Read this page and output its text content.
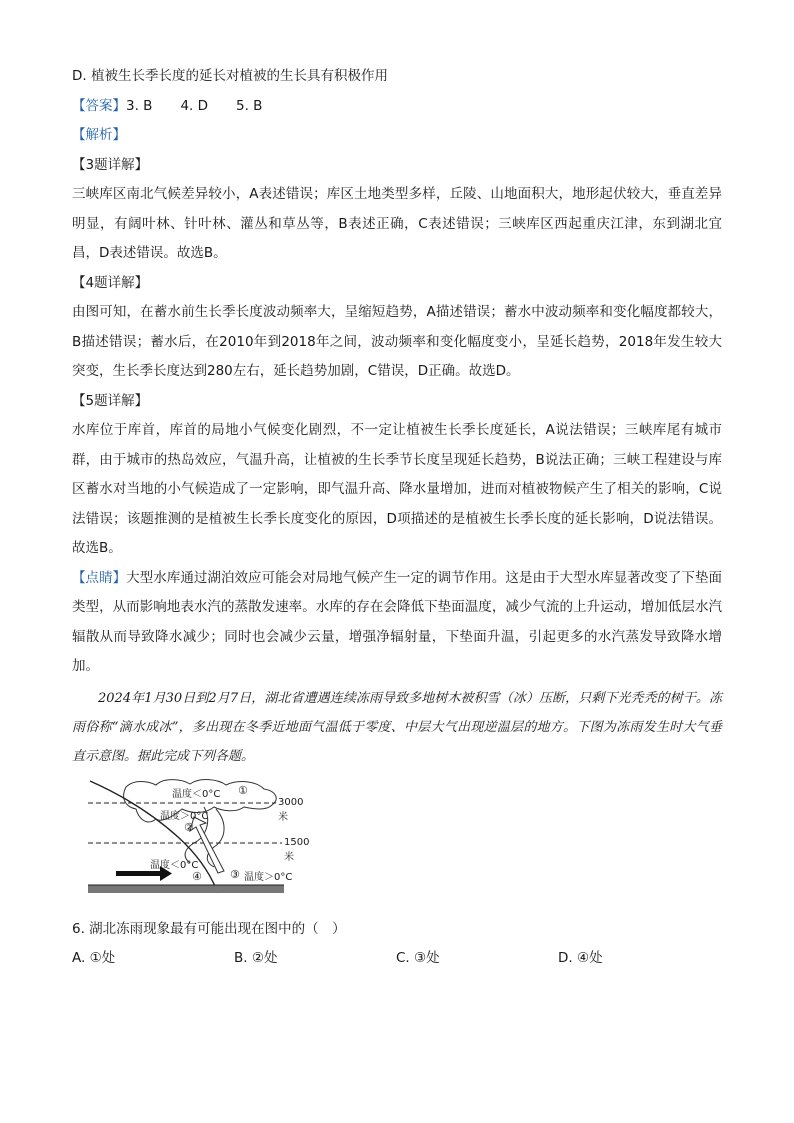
D. 植被生长季长度的延长对植被的生长具有积极作用
【答案】3. B 4. D 5. B
【解析】
【3题详解】
三峡库区南北气候差异较小，A表述错误；库区土地类型多样，丘陵、山地面积大，地形起伏较大，垂直差异明显，有阔叶林、针叶林、灌丛和草丛等，B表述正确，C表述错误；三峡库区西起重庆江津，东到湖北宜昌，D表述错误。故选B。
【4题详解】
由图可知，在蓄水前生长季长度波动频率大，呈缩短趋势，A描述错误；蓄水中波动频率和变化幅度都较大，B描述错误；蓄水后，在2010年到2018年之间，波动频率和变化幅度变小，呈延长趋势，2018年发生较大突变，生长季长度达到280左右，延长趋势加剧，C错误，D正确。故选D。
【5题详解】
水库位于库首，库首的局地小气候变化剧烈，不一定让植被生长季长度延长，A说法错误；三峡库尾有城市群，由于城市的热岛效应，气温升高，让植被的生长季节长度呈现延长趋势，B说法正确；三峡工程建设与库区蓄水对当地的小气候造成了一定影响，即气温升高、降水量增加，进而对植被物候产生了相关的影响，C说法错误；该题推测的是植被生长季长度变化的原因，D项描述的是植被生长季长度的延长影响，D说法错误。故选B。
【点睛】大型水库通过湖泊效应可能会对局地气候产生一定的调节作用。这是由于大型水库显著改变了下垫面类型，从而影响地表水汽的蒸散发速率。水库的存在会降低下垫面温度，减少气流的上升运动，增加低层水汽辐散从而导致降水减少；同时也会减少云量，增强净辐射量，下垫面升温，引起更多的水汽蒸发导致降水增加。
2024年1月30日到2月7日，湖北省遭遇连续冻雨导致多地树木被积雪（冰）压断，只剩下光秃秃的树干。冻雨俗称“滴水成冰”，多出现在冬季近地面气温低于零度、中层大气出现逆温层的地方。下图为冻雨发生时大气垂直示意图。据此完成下列各题。
温度＜0°C ①
3000米
温度＞0°C
②
1500米
温度＜0°C
④	③ 温度＞0°C
6. 湖北冻雨现象最有可能出现在图中的（　）
A. ①处	B. ②处	C. ③处	D. ④处
